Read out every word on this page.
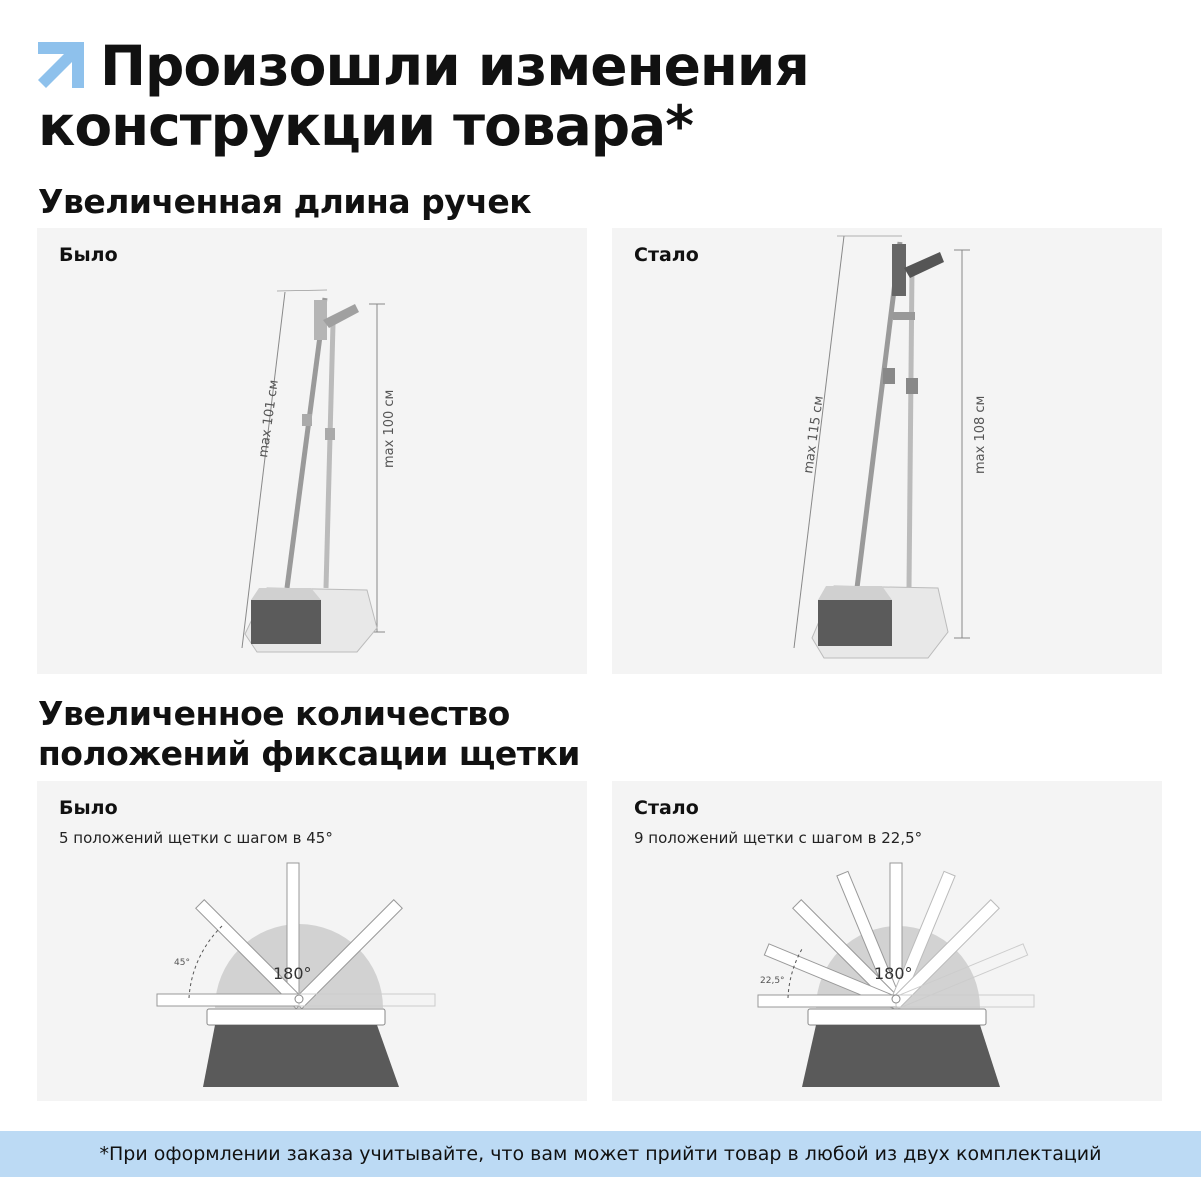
Произошли изменения
конструкции товара*
Увеличенная длина ручек
max 101 см	max 100 см
Было
max 115 см	max 108 см
Стало
Увеличенное количество
положений фиксации щетки
180°
45°
Было
5 положений щетки с шагом в 45°
180°
22,5°
Стало
9 положений щетки с шагом в 22,5°
*При оформлении заказа учитывайте, что вам может прийти товар в любой из двух комплектаций
